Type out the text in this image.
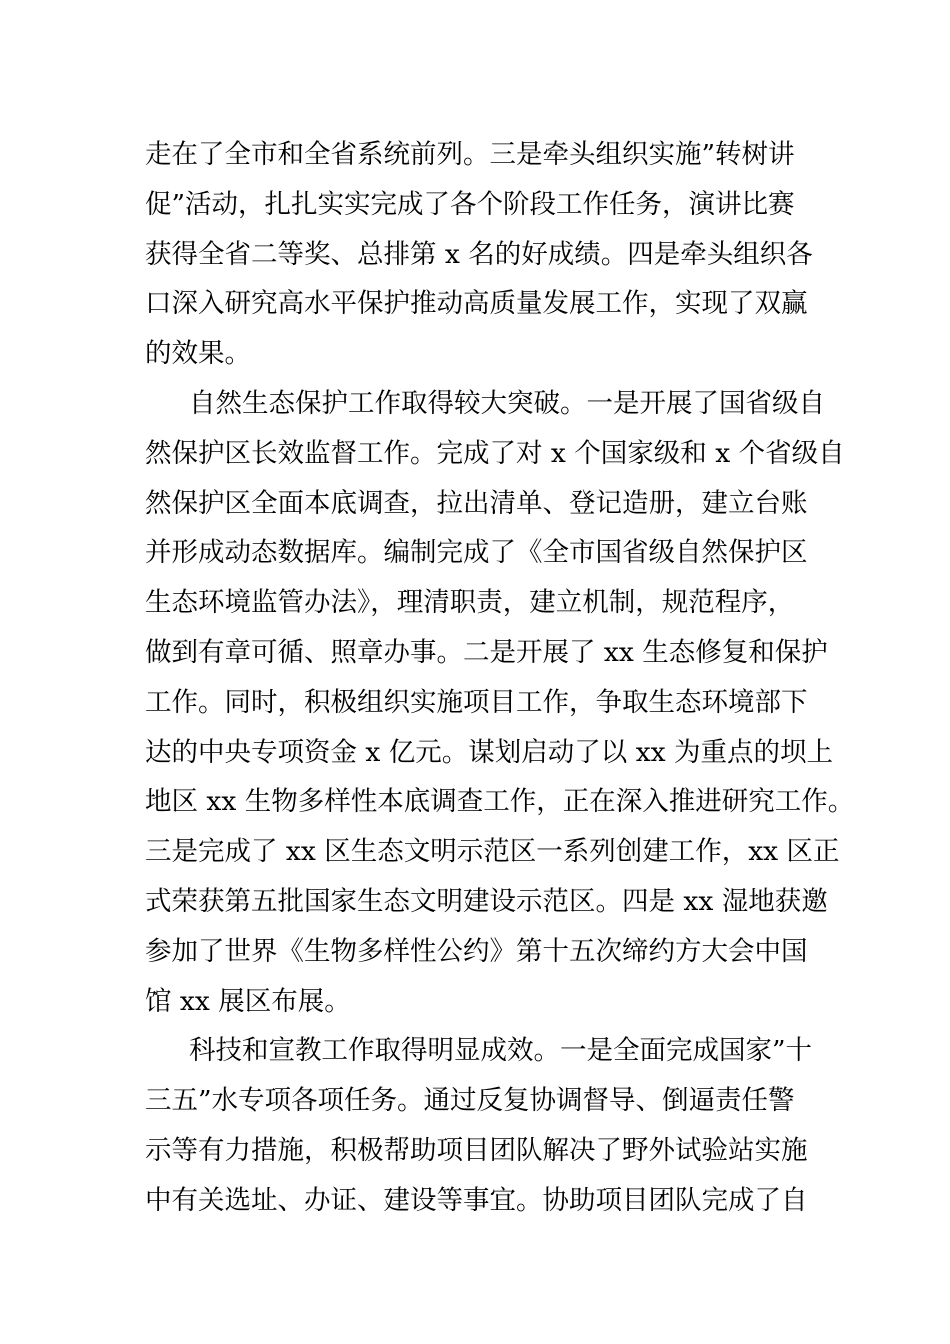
走在了全市和全省系统前列。三是牵头组织实施”转树讲
促”活动，扎扎实实完成了各个阶段工作任务，演讲比赛
获得全省二等奖、总排第 x 名的好成绩。四是牵头组织各
口深入研究高水平保护推动高质量发展工作，实现了双赢
的效果。
自然生态保护工作取得较大突破。一是开展了国省级自
然保护区长效监督工作。完成了对 x 个国家级和 x 个省级自
然保护区全面本底调查，拉出清单、登记造册，建立台账
并形成动态数据库。编制完成了《全市国省级自然保护区
生态环境监管办法》，理清职责，建立机制，规范程序，
做到有章可循、照章办事。二是开展了 xx 生态修复和保护
工作。同时，积极组织实施项目工作，争取生态环境部下
达的中央专项资金 x 亿元。谋划启动了以 xx 为重点的坝上
地区 xx 生物多样性本底调查工作，正在深入推进研究工作。
三是完成了 xx 区生态文明示范区一系列创建工作，xx 区正
式荣获第五批国家生态文明建设示范区。四是 xx 湿地获邀
参加了世界《生物多样性公约》第十五次缔约方大会中国
馆 xx 展区布展。
科技和宣教工作取得明显成效。一是全面完成国家”十
三五”水专项各项任务。通过反复协调督导、倒逼责任警
示等有力措施，积极帮助项目团队解决了野外试验站实施
中有关选址、办证、建设等事宜。协助项目团队完成了自
